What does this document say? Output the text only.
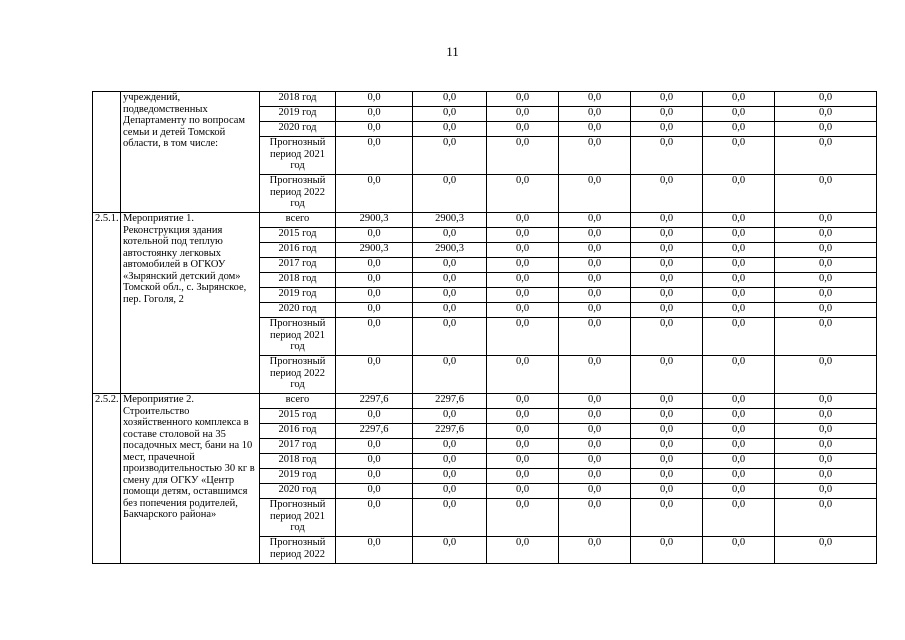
11
	учреждений, подведомственных Департаменту по вопросам семьи и детей Томской области, в том числе:	2018 год	0,0	0,0	0,0	0,0	0,0	0,0	0,0
		2019 год	0,0	0,0	0,0	0,0	0,0	0,0	0,0
		2020 год	0,0	0,0	0,0	0,0	0,0	0,0	0,0
		Прогнозный период 2021 год	0,0	0,0	0,0	0,0	0,0	0,0	0,0
		Прогнозный период 2022 год	0,0	0,0	0,0	0,0	0,0	0,0	0,0
2.5.1.	Мероприятие 1. Реконструкция здания котельной под теплую автостоянку легковых автомобилей в ОГКОУ «Зырянский детский дом» Томской обл., с. Зырянское, пер. Гоголя, 2	всего	2900,3	2900,3	0,0	0,0	0,0	0,0	0,0
		2015 год	0,0	0,0	0,0	0,0	0,0	0,0	0,0
		2016 год	2900,3	2900,3	0,0	0,0	0,0	0,0	0,0
		2017 год	0,0	0,0	0,0	0,0	0,0	0,0	0,0
		2018 год	0,0	0,0	0,0	0,0	0,0	0,0	0,0
		2019 год	0,0	0,0	0,0	0,0	0,0	0,0	0,0
		2020 год	0,0	0,0	0,0	0,0	0,0	0,0	0,0
		Прогнозный период 2021 год	0,0	0,0	0,0	0,0	0,0	0,0	0,0
		Прогнозный период 2022 год	0,0	0,0	0,0	0,0	0,0	0,0	0,0
2.5.2.	Мероприятие 2. Строительство хозяйственного комплекса в составе столовой на 35 посадочных мест, бани на 10 мест, прачечной производительностью 30 кг в смену для ОГКУ «Центр помощи детям, оставшимся без попечения родителей, Бакчарского района»	всего	2297,6	2297,6	0,0	0,0	0,0	0,0	0,0
		2015 год	0,0	0,0	0,0	0,0	0,0	0,0	0,0
		2016 год	2297,6	2297,6	0,0	0,0	0,0	0,0	0,0
		2017 год	0,0	0,0	0,0	0,0	0,0	0,0	0,0
		2018 год	0,0	0,0	0,0	0,0	0,0	0,0	0,0
		2019 год	0,0	0,0	0,0	0,0	0,0	0,0	0,0
		2020 год	0,0	0,0	0,0	0,0	0,0	0,0	0,0
		Прогнозный период 2021 год	0,0	0,0	0,0	0,0	0,0	0,0	0,0
		Прогнозный период 2022	0,0	0,0	0,0	0,0	0,0	0,0	0,0
